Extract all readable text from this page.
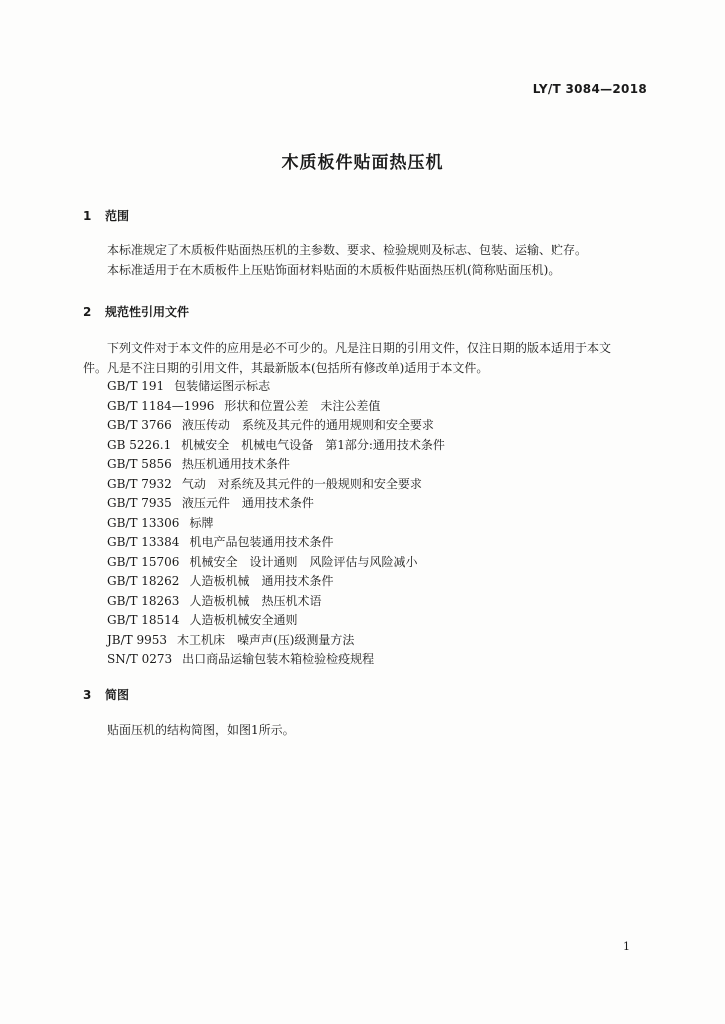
LY/T 3084—2018
木质板件贴面热压机
1 范围
本标准规定了木质板件贴面热压机的主参数、要求、检验规则及标志、包装、运输、贮存。
本标准适用于在木质板件上压贴饰面材料贴面的木质板件贴面热压机(简称贴面压机)。
2 规范性引用文件
下列文件对于本文件的应用是必不可少的。凡是注日期的引用文件，仅注日期的版本适用于本文
件。凡是不注日期的引用文件，其最新版本(包括所有修改单)适用于本文件。
GB/T 191 包装储运图示标志
GB/T 1184—1996 形状和位置公差　未注公差值
GB/T 3766 液压传动　系统及其元件的通用规则和安全要求
GB 5226.1 机械安全　机械电气设备　第1部分:通用技术条件
GB/T 5856 热压机通用技术条件
GB/T 7932 气动　对系统及其元件的一般规则和安全要求
GB/T 7935 液压元件　通用技术条件
GB/T 13306 标牌
GB/T 13384 机电产品包装通用技术条件
GB/T 15706 机械安全　设计通则　风险评估与风险减小
GB/T 18262 人造板机械　通用技术条件
GB/T 18263 人造板机械　热压机术语
GB/T 18514 人造板机械安全通则
JB/T 9953 木工机床　噪声声(压)级测量方法
SN/T 0273 出口商品运输包装木箱检验检疫规程
3 简图
贴面压机的结构简图，如图1所示。
1
